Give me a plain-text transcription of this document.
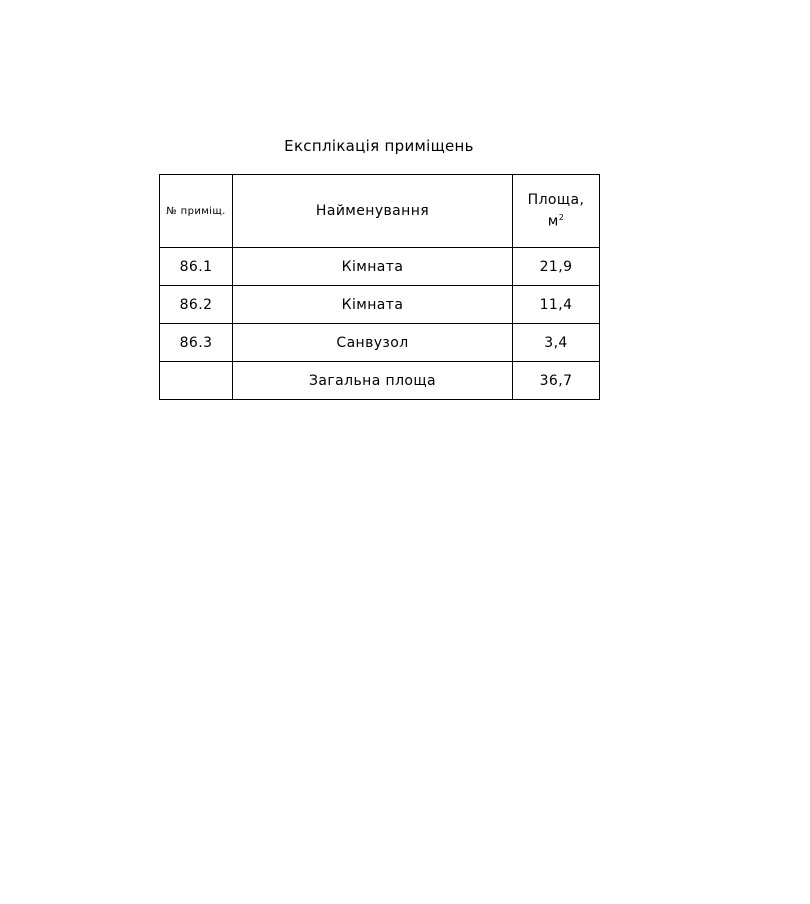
Експлікація приміщень
№ приміщ.	Найменування	Площа,
$м^2$
86.1	Кімната	21,9
86.2	Кімната	11,4
86.3	Санвузол	3,4
	Загальна площа	36,7
